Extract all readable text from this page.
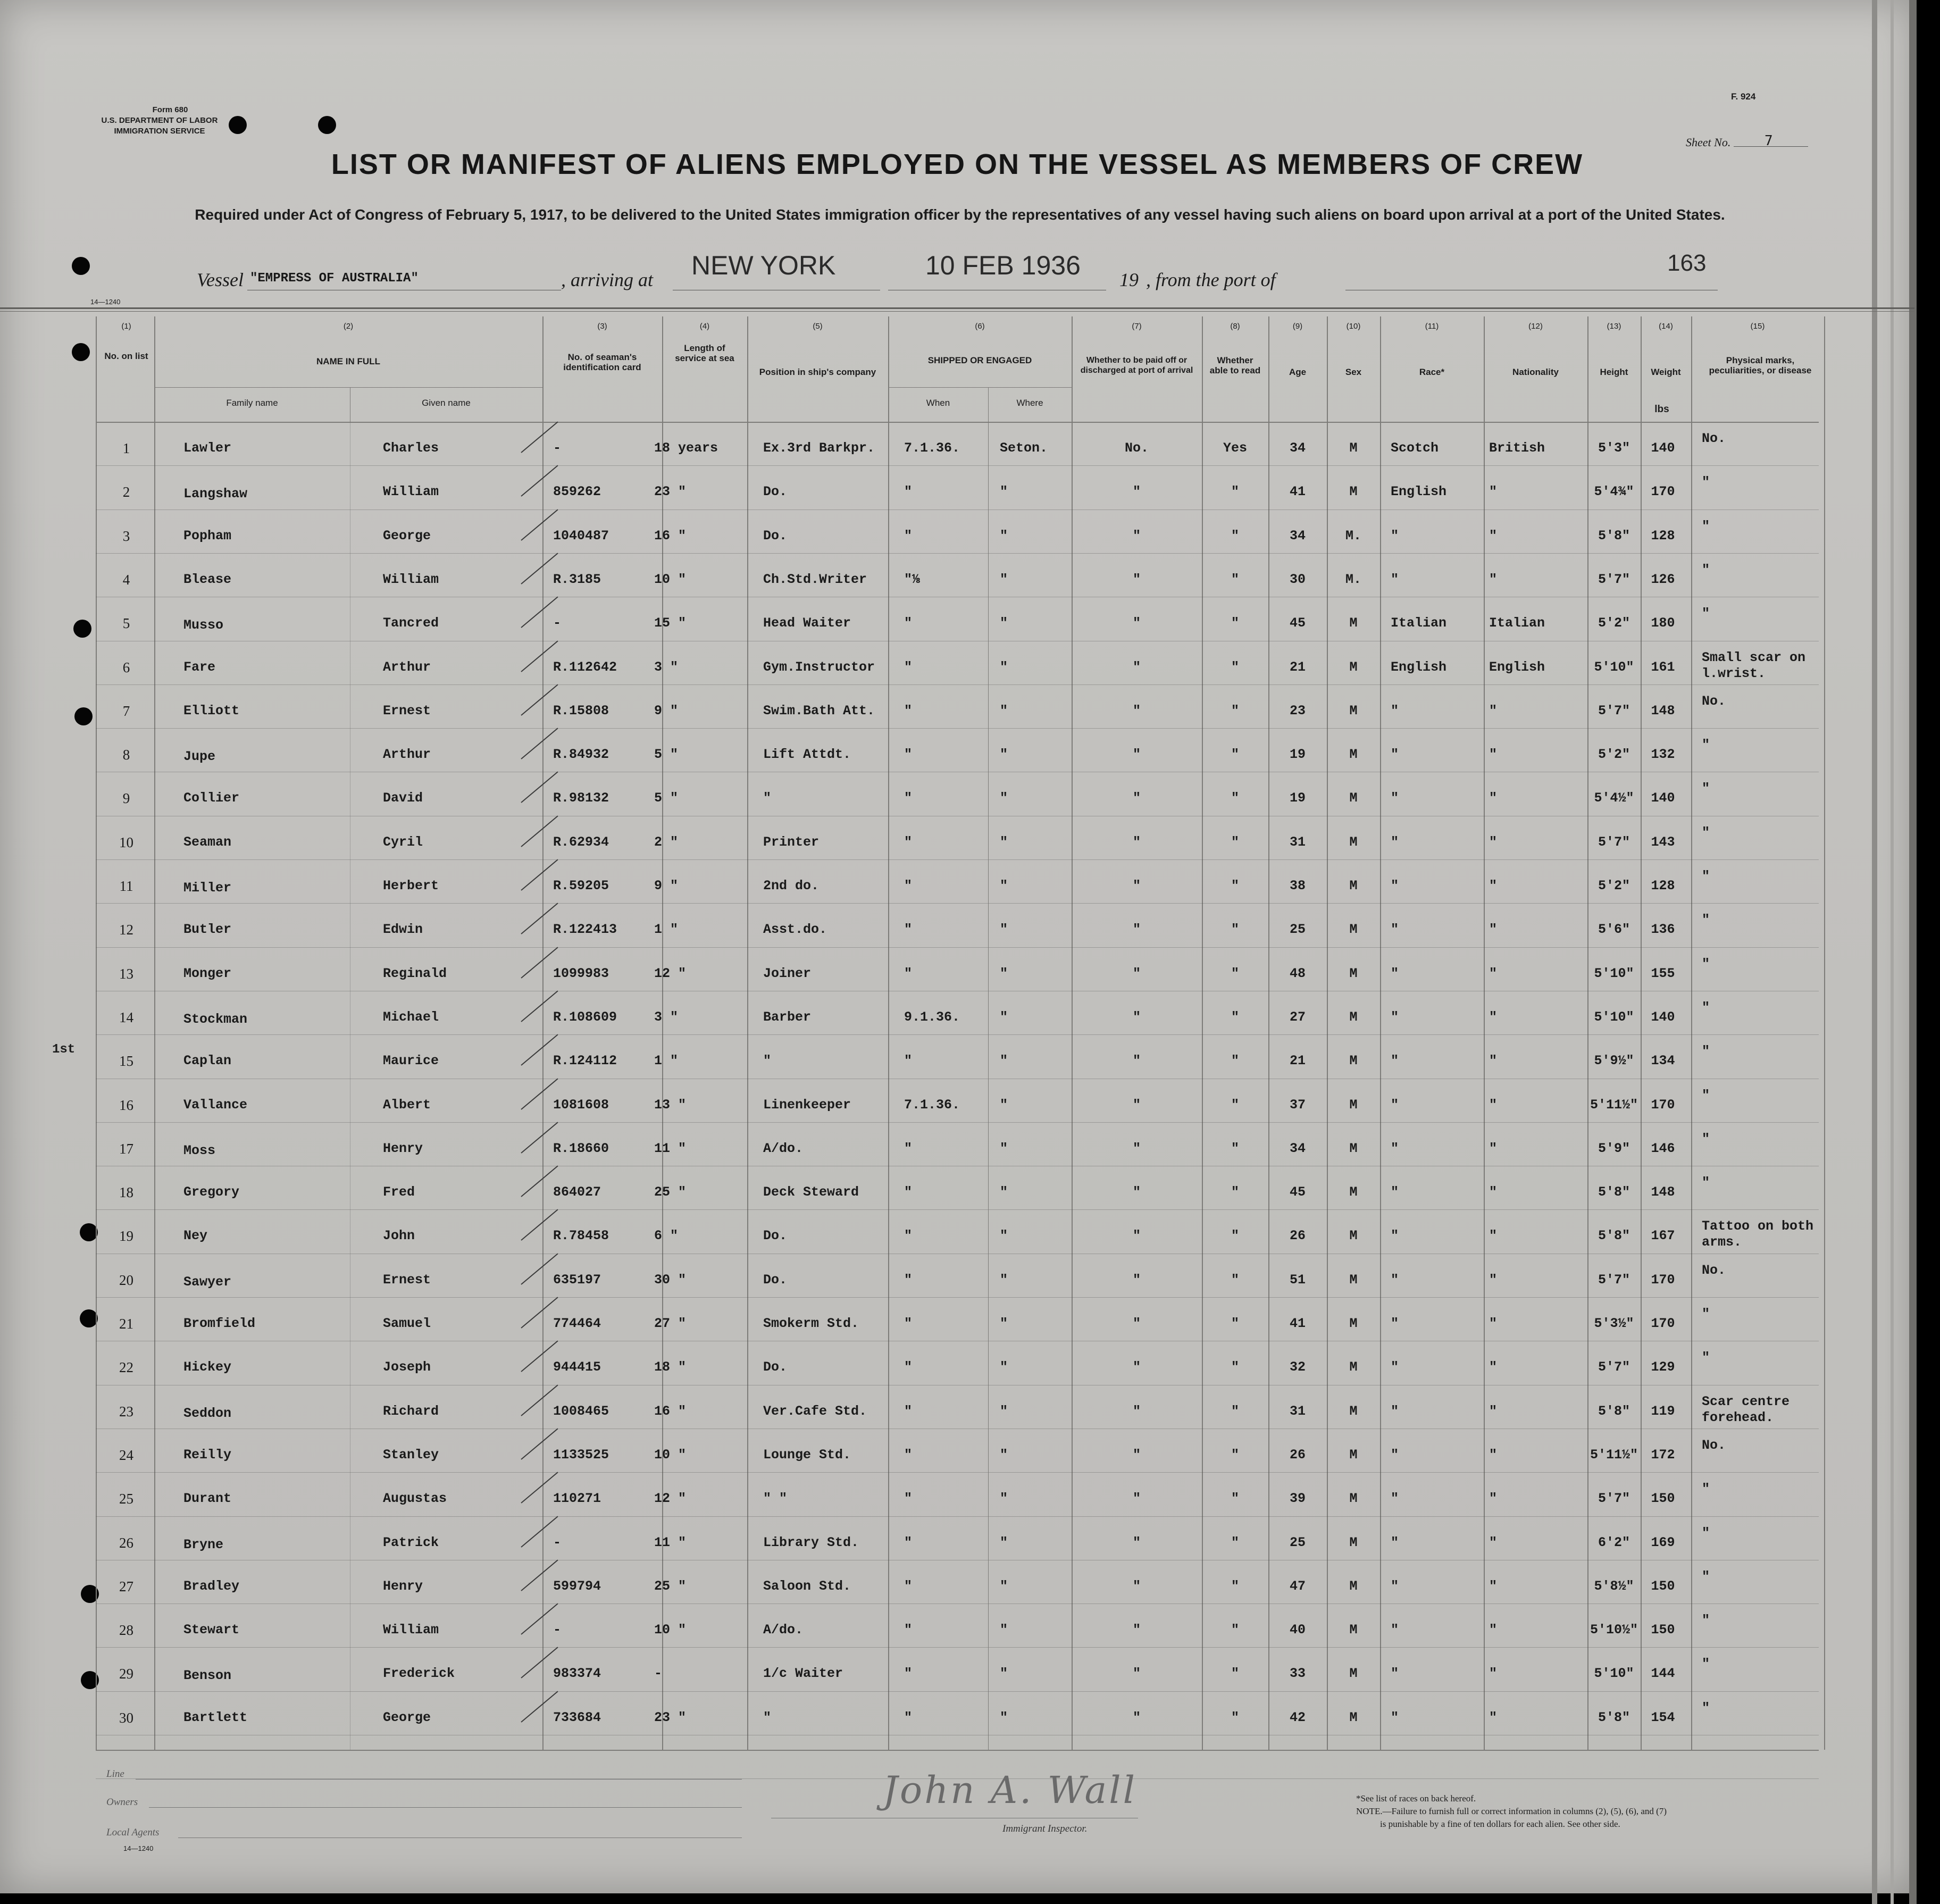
Form 680
U.S. DEPARTMENT OF LABOR
IMMIGRATION SERVICE
F. 924
Sheet No. 7
LIST OR MANIFEST OF ALIENS EMPLOYED ON THE VESSEL AS MEMBERS OF CREW
Required under Act of Congress of February 5, 1917, to be delivered to the United States immigration officer by the representatives of any vessel having such aliens on board upon arrival at a port of the United States.
Vessel "EMPRESS OF AUSTRALIA"	, arriving at NEW YORK	10 FEB 1936 19 , from the port of
163
14—1240
(1)
No. on list
(2)
NAME IN FULL
Family name	Given name
(3)
No. of seaman's identification card
(4)
Length of service at sea
(5)
Position in ship's company
(6)
SHIPPED OR ENGAGED
When	Where
(7)
Whether to be paid off or discharged at port of arrival
(8)
Whether able to read
(9)
Age
(10)
Sex
(11)
Race*
(12)
Nationality
(13)
Height
(14)
Weight
lbs
(15)
Physical marks, peculiarities, or disease
1st
1	Lawler	Charles	-	18 years	Ex.3rd Barkpr.	7.1.36.	Seton.	No.	Yes	34	M	Scotch	British	5'3"	140
No.
2	Langshaw	William	859262	23 "	Do.	"	"	"	"	41	M	English	"	5'4¾"	170
"
3	Popham	George	1040487	16 "	Do.	"	"	"	"	34	M.	"	"	5'8"	128
"
4	Blease	William	R.3185	10 "	Ch.Std.Writer	"⅛	"	"	"	30	M.	"	"	5'7"	126
"
5	Musso	Tancred	-	15 "	Head Waiter	"	"	"	"	45	M	Italian	Italian	5'2"	180
"
6	Fare	Arthur	R.112642	3 "	Gym.Instructor	"	"	"	"	21	M	English	English	5'10"	161
Small scar on l.wrist.
7	Elliott	Ernest	R.15808	9 "	Swim.Bath Att.	"	"	"	"	23	M	"	"	5'7"	148
No.
8	Jupe	Arthur	R.84932	5 "	Lift Attdt.	"	"	"	"	19	M	"	"	5'2"	132
"
9	Collier	David	R.98132	5 "	"	"	"	"	"	19	M	"	"	5'4½"	140
"
10	Seaman	Cyril	R.62934	2 "	Printer	"	"	"	"	31	M	"	"	5'7"	143
"
11	Miller	Herbert	R.59205	9 "	2nd do.	"	"	"	"	38	M	"	"	5'2"	128
"
12	Butler	Edwin	R.122413	1 "	Asst.do.	"	"	"	"	25	M	"	"	5'6"	136
"
13	Monger	Reginald	1099983	12 "	Joiner	"	"	"	"	48	M	"	"	5'10"	155
"
14	Stockman	Michael	R.108609	3 "	Barber	9.1.36.	"	"	"	27	M	"	"	5'10"	140
"
15	Caplan	Maurice	R.124112	1 "	"	"	"	"	"	21	M	"	"	5'9½"	134
"
16	Vallance	Albert	1081608	13 "	Linenkeeper	7.1.36.	"	"	"	37	M	"	"	5'11½" 170
"
17	Moss	Henry	R.18660	11 "	A/do.	"	"	"	"	34	M	"	"	5'9"	146
"
18	Gregory	Fred	864027	25 "	Deck Steward	"	"	"	"	45	M	"	"	5'8"	148
"
19	Ney	John	R.78458	6 "	Do.	"	"	"	"	26	M	"	"	5'8"	167
Tattoo on both arms.
20	Sawyer	Ernest	635197	30 "	Do.	"	"	"	"	51	M	"	"	5'7"	170
No.
21	Bromfield	Samuel	774464	27 "	Smokerm Std.	"	"	"	"	41	M	"	"	5'3½"	170
"
22	Hickey	Joseph	944415	18 "	Do.	"	"	"	"	32	M	"	"	5'7"	129
"
23	Seddon	Richard	1008465	16 "	Ver.Cafe Std.	"	"	"	"	31	M	"	"	5'8"	119
Scar centre forehead.
24	Reilly	Stanley	1133525	10 "	Lounge Std.	"	"	"	"	26	M	"	"	5'11½" 172
No.
25	Durant	Augustas	110271	12 "	" "	"	"	"	"	39	M	"	"	5'7"	150
"
26	Bryne	Patrick	-	11 "	Library Std.	"	"	"	"	25	M	"	"	6'2"	169
"
27	Bradley	Henry	599794	25 "	Saloon Std.	"	"	"	"	47	M	"	"	5'8½"	150
"
28	Stewart	William	-	10 "	A/do.	"	"	"	"	40	M	"	"	5'10½" 150
"
29	Benson	Frederick	983374	-	1/c Waiter	"	"	"	"	33	M	"	"	5'10"	144
"
30	Bartlett	George	733684	23 "	"	"	"	"	"	42	M	"	"	5'8"	154
"
Line
Owners
Local Agents
14—1240
John A. Wall
Immigrant Inspector.
*See list of races on back hereof.
NOTE.—Failure to furnish full or correct information in columns (2), (5), (6), and (7)
is punishable by a fine of ten dollars for each alien. See other side.
